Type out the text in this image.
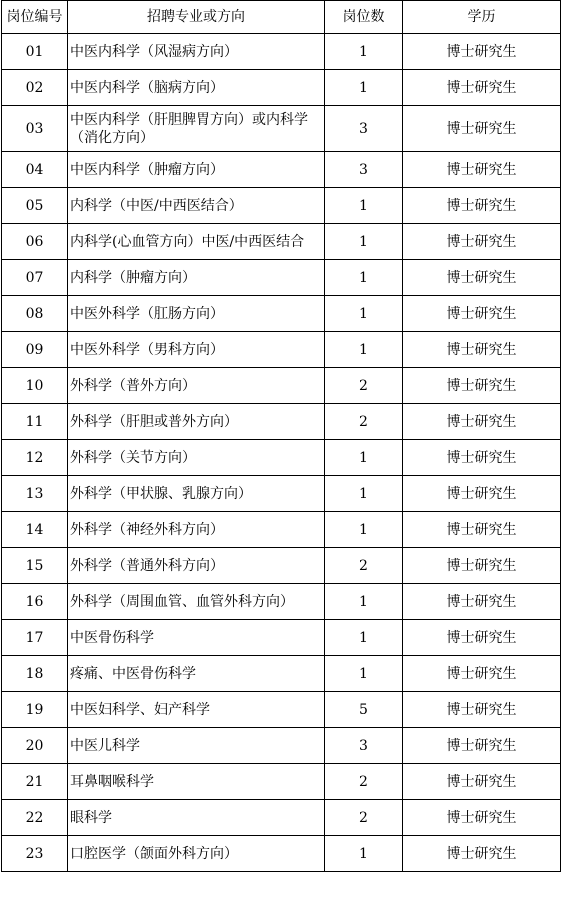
岗位编号	招聘专业或方向	岗位数	学历
01	中医内科学（风湿病方向）	1	博士研究生
02	中医内科学（脑病方向）	1	博士研究生
03	中医内科学（肝胆脾胃方向）或内科学（消化方向）	3	博士研究生
04	中医内科学（肿瘤方向）	3	博士研究生
05	内科学（中医/中西医结合）	1	博士研究生
06	内科学(心血管方向）中医/中西医结合	1	博士研究生
07	内科学（肿瘤方向）	1	博士研究生
08	中医外科学（肛肠方向）	1	博士研究生
09	中医外科学（男科方向）	1	博士研究生
10	外科学（普外方向）	2	博士研究生
11	外科学（肝胆或普外方向）	2	博士研究生
12	外科学（关节方向）	1	博士研究生
13	外科学（甲状腺、乳腺方向）	1	博士研究生
14	外科学（神经外科方向）	1	博士研究生
15	外科学（普通外科方向）	2	博士研究生
16	外科学（周围血管、血管外科方向）	1	博士研究生
17	中医骨伤科学	1	博士研究生
18	疼痛、中医骨伤科学	1	博士研究生
19	中医妇科学、妇产科学	5	博士研究生
20	中医儿科学	3	博士研究生
21	耳鼻咽喉科学	2	博士研究生
22	眼科学	2	博士研究生
23	口腔医学（颌面外科方向）	1	博士研究生
